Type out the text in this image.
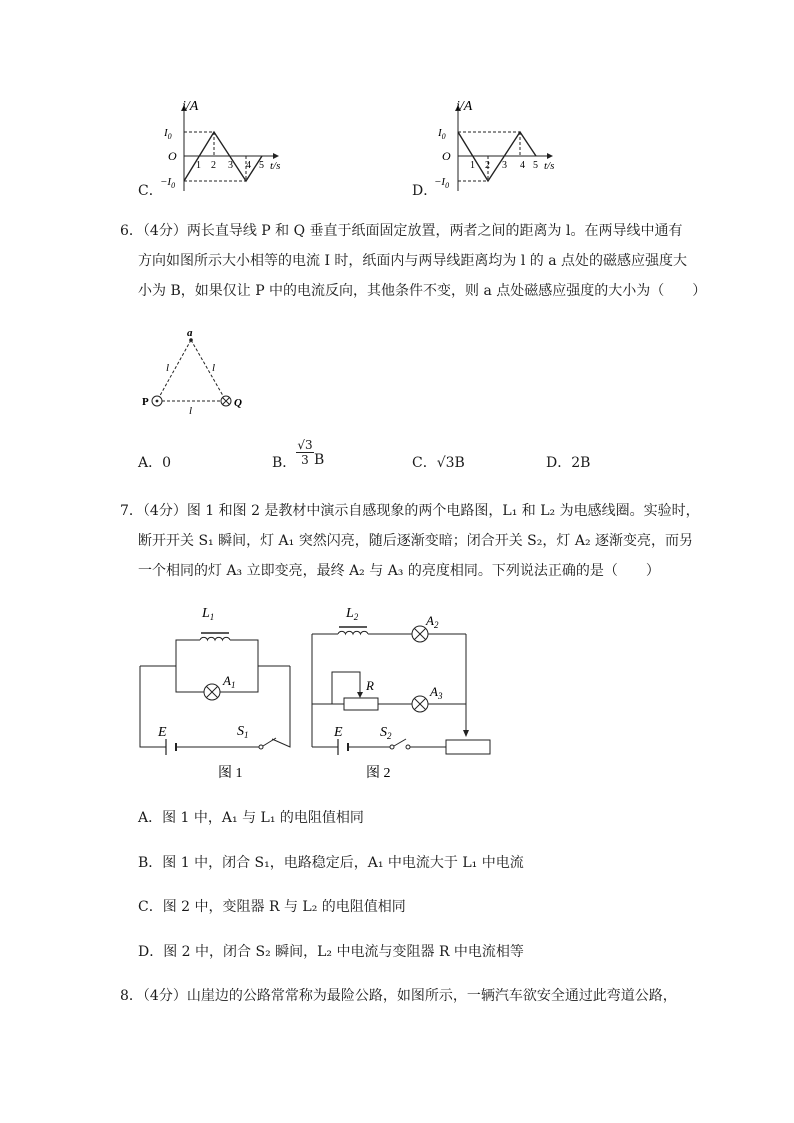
C．
i/A
$I_0$
O
$-I_0$
1 2 3 4 5 t/s
D．
i/A
$I_0$
O
$-I_0$
1 2 3 4 5 t/s
6．（4分）两长直导线 P 和 Q 垂直于纸面固定放置，两者之间的距离为 l。在两导线中通有
方向如图所示大小相等的电流 I 时，纸面内与两导线距离均为 l 的 a 点处的磁感应强度大
小为 B，如果仅让 P 中的电流反向，其他条件不变，则 a 点处磁感应强度的大小为（　　）
a
P	Q
l	l
l
A．0	B．
√3
3 B	C．√3B	D．2B
7．（4分）图 1 和图 2 是教材中演示自感现象的两个电路图，L₁ 和 L₂ 为电感线圈。实验时，
断开开关 S₁ 瞬间，灯 A₁ 突然闪亮，随后逐渐变暗；闭合开关 S₂，灯 A₂ 逐渐变亮，而另
一个相同的灯 A₃ 立即变亮，最终 A₂ 与 A₃ 的亮度相同。下列说法正确的是（　　）
$L_1$
$A_1$
E	$S_1$
图 1
$L_2$	$A_2$
R	$A_3$
E	$S_2$
图 2
A．图 1 中，A₁ 与 L₁ 的电阻值相同
B．图 1 中，闭合 S₁，电路稳定后，A₁ 中电流大于 L₁ 中电流
C．图 2 中，变阻器 R 与 L₂ 的电阻值相同
D．图 2 中，闭合 S₂ 瞬间，L₂ 中电流与变阻器 R 中电流相等
8．（4分）山崖边的公路常常称为最险公路，如图所示，一辆汽车欲安全通过此弯道公路，
